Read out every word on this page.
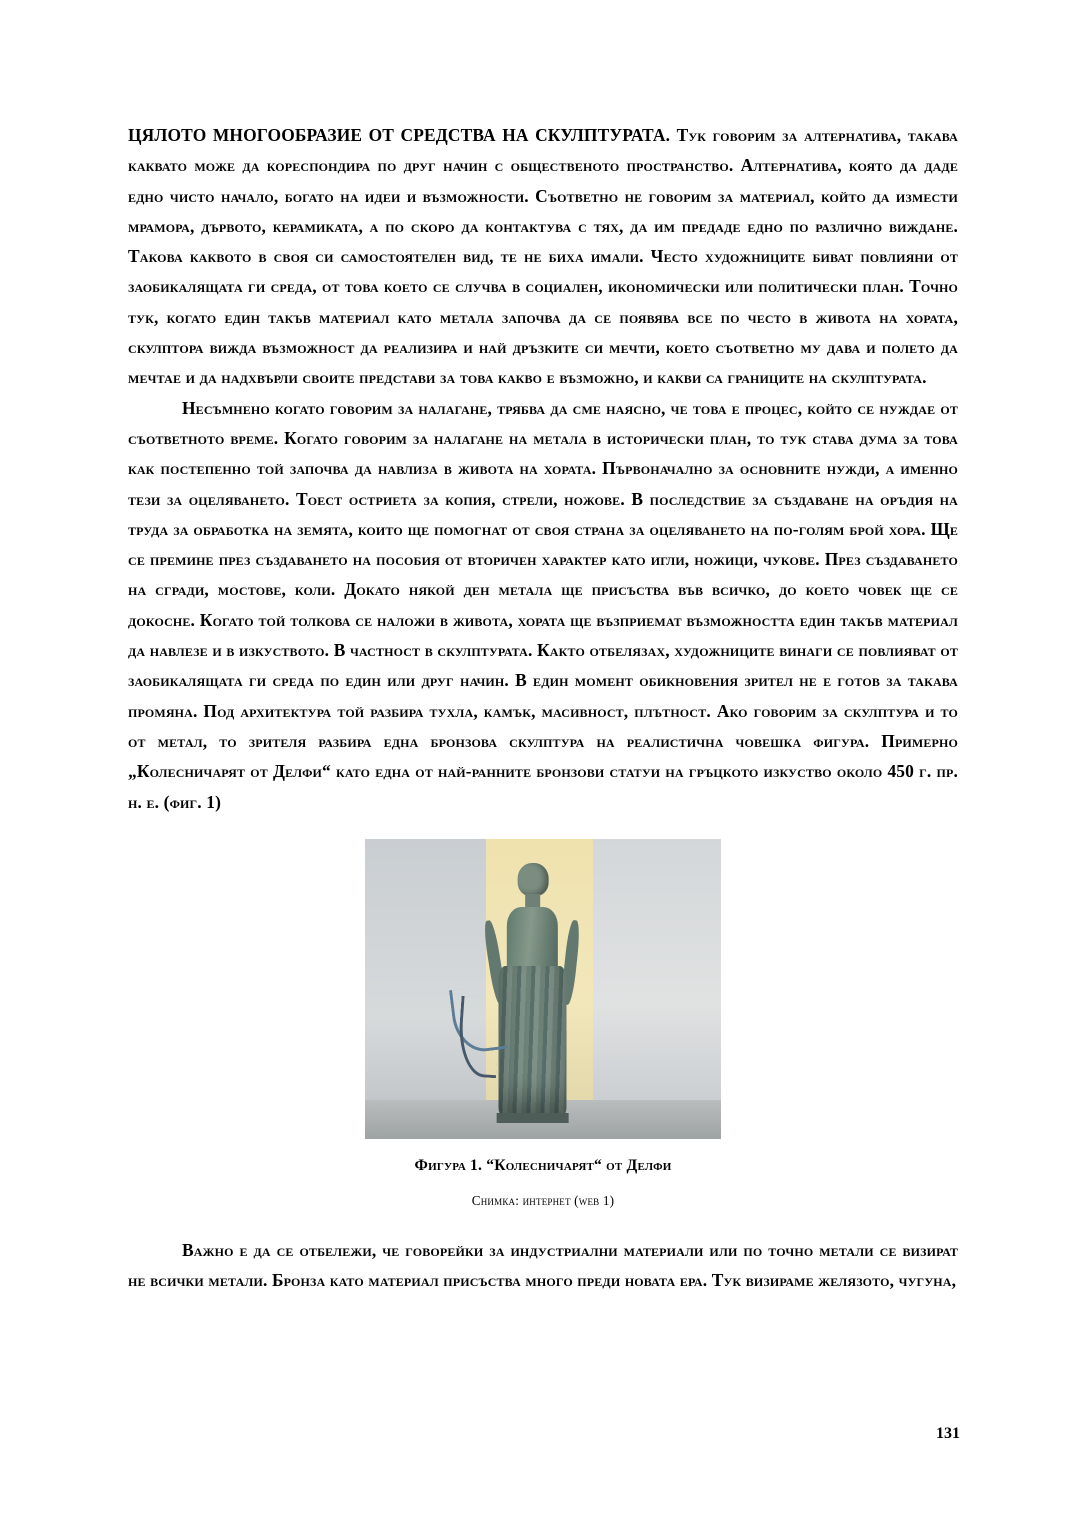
ЦЯЛОТО МНОГООБРАЗИЕ ОТ СРЕДСТВА НА СКУЛПТУРАТА. Тук говорим за алтернатива, такава каквато може да кореспондира по друг начин с общественото пространство. Алтернатива, която да даде едно чисто начало, богато на идеи и възможности. Съответно не говорим за материал, който да измести мрамора, дървото, керамиката, а по скоро да контактува с тях, да им предаде едно по различно виждане. Такова каквото в своя си самостоятелен вид, те не биха имали. Често художниците биват повлияни от заобикалящата ги среда, от това което се случва в социален, икономически или политически план. Точно тук, когато един такъв материал като метала започва да се появява все по често в живота на хората, скулптора вижда възможност да реализира и най дръзките си мечти, което съответно му дава и полето да мечтае и да надхвърли своите представи за това какво е възможно, и какви са границите на скулптурата.

Несъмнено когато говорим за налагане, трябва да сме наясно, че това е процес, който се нуждае от съответното време. Когато говорим за налагане на метала в исторически план, то тук става дума за това как постепенно той започва да навлиза в живота на хората. Първоначално за основните нужди, а именно тези за оцеляването. Тоест остриета за копия, стрели, ножове. В последствие за създаване на оръдия на труда за обработка на земята, които ще помогнат от своя страна за оцеляването на по-голям брой хора. Ще се премине през създаването на пособия от вторичен характер като игли, ножици, чукове. През създаването на сгради, мостове, коли. Докато някой ден метала ще присъства във всичко, до което човек ще се докосне. Когато той толкова се наложи в живота, хората ще възприемат възможността един такъв материал да навлезе и в изкуството. В частност в скулптурата. Както отбелязах, художниците винаги се повлияват от заобикалящата ги среда по един или друг начин. В един момент обикновения зрител не е готов за такава промяна. Под архитектура той разбира тухла, камък, масивност, плътност. Ако говорим за скулптура и то от метал, то зрителя разбира една бронзова скулптура на реалистична човешка фигура. Примерно „Колесничарят от Делфи“ като една от най-ранните бронзови статуи на гръцкото изкуство около 450 г. пр. н. е. (фиг. 1)

Фигура 1. “Колесничарят“ от Делфи
Снимка: интернет (web 1)

Важно е да се отбележи, че говорейки за индустриални материали или по точно метали се визират не всички метали. Бронза като материал присъства много преди новата ера. Тук визираме желязото, чугуна,

131
